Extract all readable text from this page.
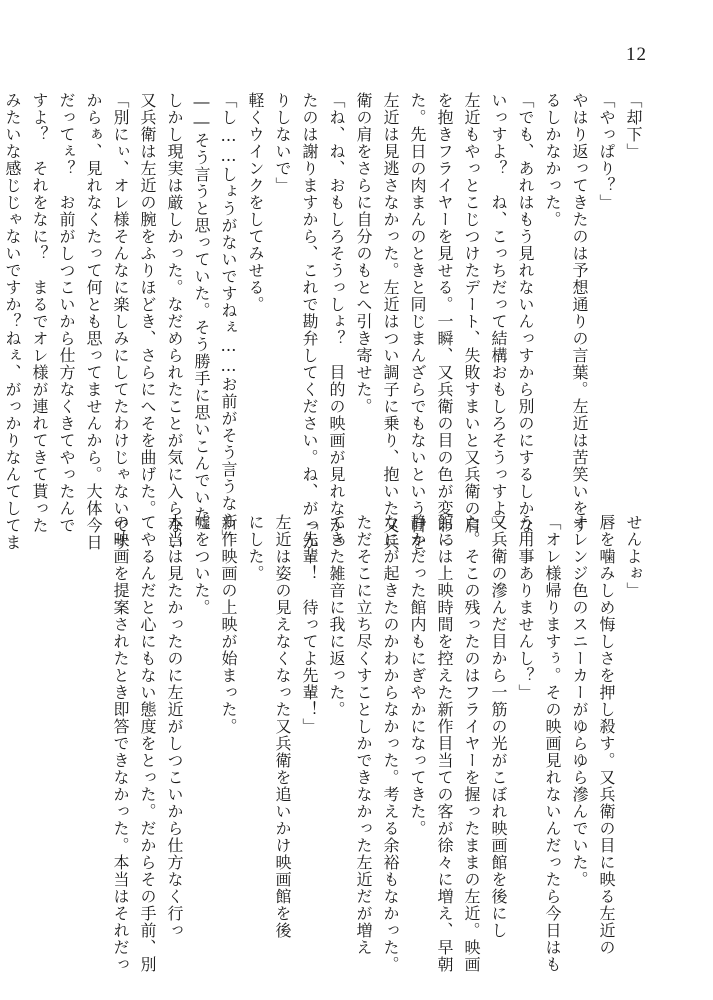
12
「却下」
「やっぱり？」
やはり返ってきたのは予想通りの言葉。左近は苦笑いをす
るしかなかった。
「でも、あれはもう見れないんっすから別のにするしかな
いっすよ？　ね、こっちだって結構おもしろそうっすよ」
左近もやっとこじつけたデート、失敗すまいと又兵衛の肩
を抱きフライヤーを見せる。一瞬、又兵衛の目の色が変わっ
た。先日の肉まんのときと同じまんざらでもないという目を
左近は見逃さなかった。左近はつい調子に乗り、抱いた又兵
衛の肩をさらに自分のもとへ引き寄せた。
「ね、ね、おもしろそうっしょ？　目的の映画が見れなかっ
たのは謝りますから、これで勘弁してください。ね、がっか
りしないで」
軽くウインクをしてみせる。
「し……しょうがないですねぇ……お前がそう言うなら」
――そう言うと思っていた。そう勝手に思いこんでいた。
しかし現実は厳しかった。なだめられたことが気に入らない
又兵衛は左近の腕をふりほどき、さらにへそを曲げた。
「別にぃ、オレ様そんなに楽しみにしてたわけじゃないです
からぁ、見れなくたって何とも思ってませんから。大体今日
だってぇ？　お前がしつこいから仕方なくきてやったんで
すよ？　それをなに？　まるでオレ様が連れてきて貰った
みたいな感じじゃないですか？ねぇ、がっかりなんてしてま
せんよぉ」
唇を噛みしめ悔しさを押し殺す。又兵衛の目に映る左近の
オレンジ色のスニーカーがゆらゆら滲んでいた。
「オレ様帰りますぅ。その映画見れないんだったら今日はも
う用事ありませんし？」
又兵衛の滲んだ目から一筋の光がこぼれ映画館を後にし
た。そこの残ったのはフライヤーを握ったままの左近。映画
館には上映時間を控えた新作目当ての客が徐々に増え、早朝
静かだった館内もにぎやかになってきた。
なにが起きたのかわからなかった。考える余裕もなかった。
ただそこに立ち尽くすことしかできなかった左近だが増え
てきた雑音に我に返った。
「先輩！　待ってよ先輩！」
左近は姿の見えなくなった又兵衛を追いかけ映画館を後
にした。
新作映画の上映が始まった。
嘘をついた。
本当は見たかったのに左近がしつこいから仕方なく行っ
てやるんだと心にもない態度をとった。だからその手前、別
の映画を提案されたとき即答できなかった。本当はそれだっ
